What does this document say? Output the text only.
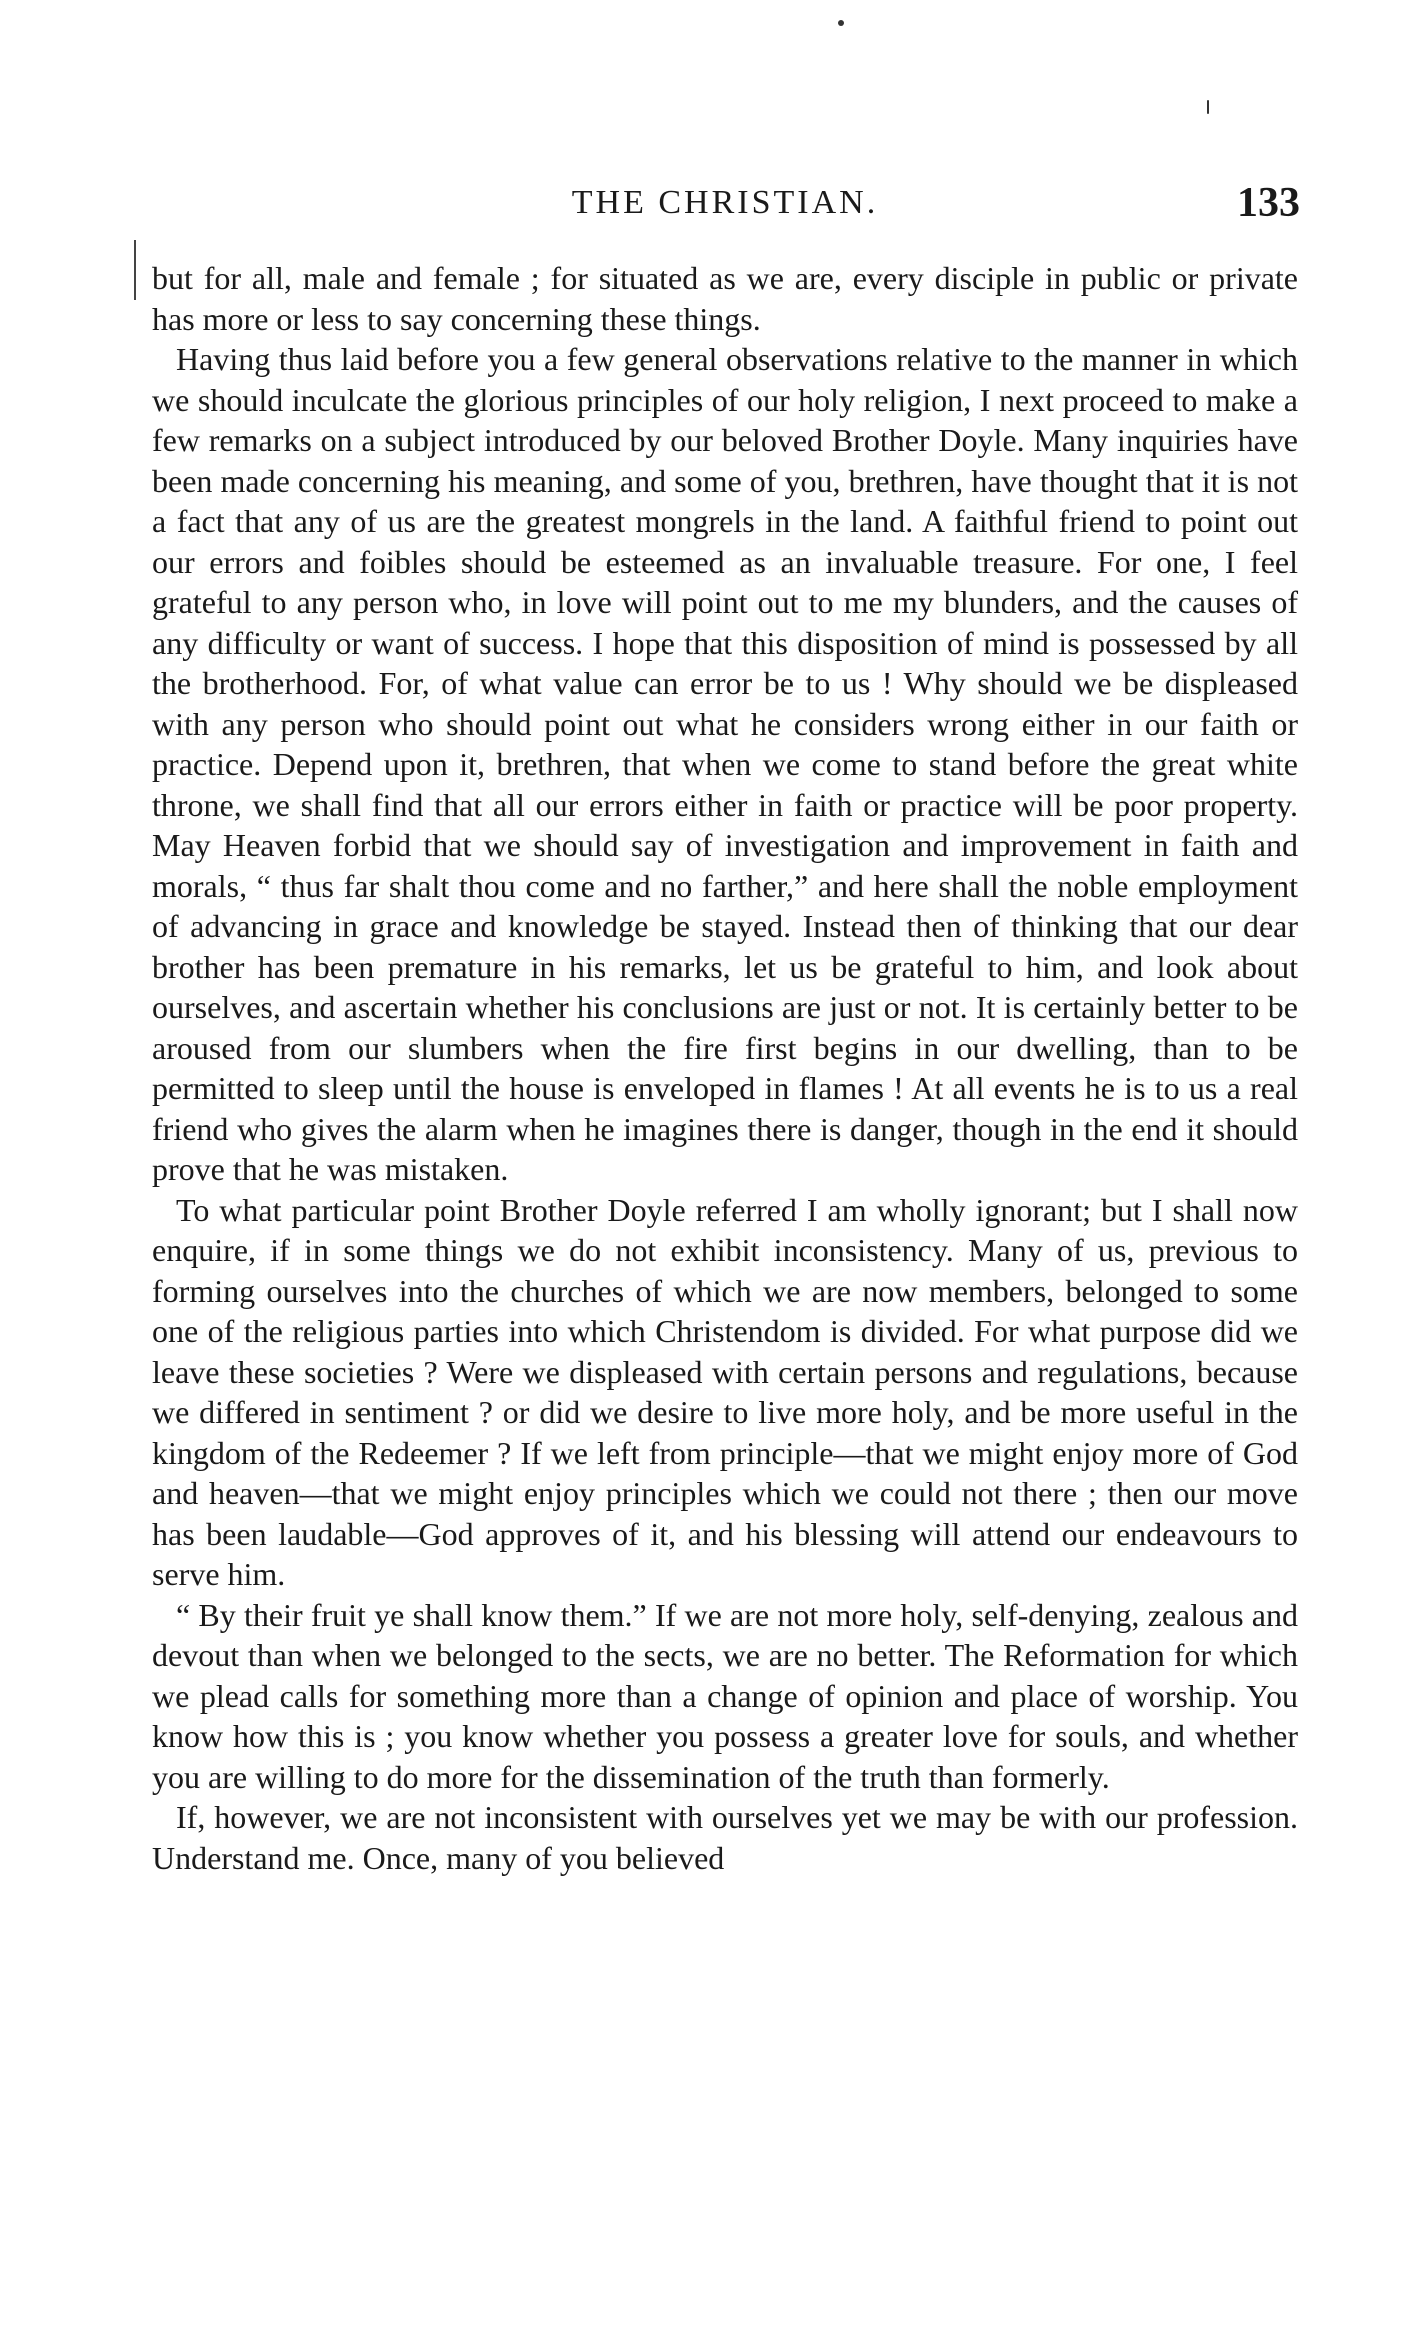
THE CHRISTIAN.	133

but for all, male and female ; for situated as we are, every disciple in public or private has more or less to say concerning these things.

Having thus laid before you a few general observations relative to the manner in which we should inculcate the glorious principles of our holy religion, I next proceed to make a few remarks on a subject introduced by our beloved Brother Doyle. Many inquiries have been made concerning his meaning, and some of you, brethren, have thought that it is not a fact that any of us are the greatest mongrels in the land. A faithful friend to point out our errors and foibles should be esteemed as an invaluable treasure. For one, I feel grateful to any person who, in love will point out to me my blunders, and the causes of any difficulty or want of success. I hope that this disposition of mind is possessed by all the brotherhood. For, of what value can error be to us ! Why should we be displeased with any person who should point out what he considers wrong either in our faith or practice. Depend upon it, brethren, that when we come to stand before the great white throne, we shall find that all our errors either in faith or practice will be poor property. May Heaven forbid that we should say of investigation and improvement in faith and morals, “ thus far shalt thou come and no farther,” and here shall the noble employment of advancing in grace and knowledge be stayed. Instead then of thinking that our dear brother has been premature in his remarks, let us be grateful to him, and look about ourselves, and ascertain whether his conclusions are just or not. It is certainly better to be aroused from our slumbers when the fire first begins in our dwelling, than to be permitted to sleep until the house is enveloped in flames ! At all events he is to us a real friend who gives the alarm when he imagines there is danger, though in the end it should prove that he was mistaken.

To what particular point Brother Doyle referred I am wholly ignorant; but I shall now enquire, if in some things we do not exhibit inconsistency. Many of us, previous to forming ourselves into the churches of which we are now members, belonged to some one of the religious parties into which Christendom is divided. For what purpose did we leave these societies ? Were we displeased with certain persons and regulations, because we differed in sentiment ? or did we desire to live more holy, and be more useful in the kingdom of the Redeemer ? If we left from principle—that we might enjoy more of God and heaven—that we might enjoy principles which we could not there ; then our move has been laudable—God approves of it, and his blessing will attend our endeavours to serve him.

“ By their fruit ye shall know them.” If we are not more holy, self-denying, zealous and devout than when we belonged to the sects, we are no better. The Reformation for which we plead calls for something more than a change of opinion and place of worship. You know how this is ; you know whether you possess a greater love for souls, and whether you are willing to do more for the dissemination of the truth than formerly.

If, however, we are not inconsistent with ourselves yet we may be with our profession. Understand me. Once, many of you believed
